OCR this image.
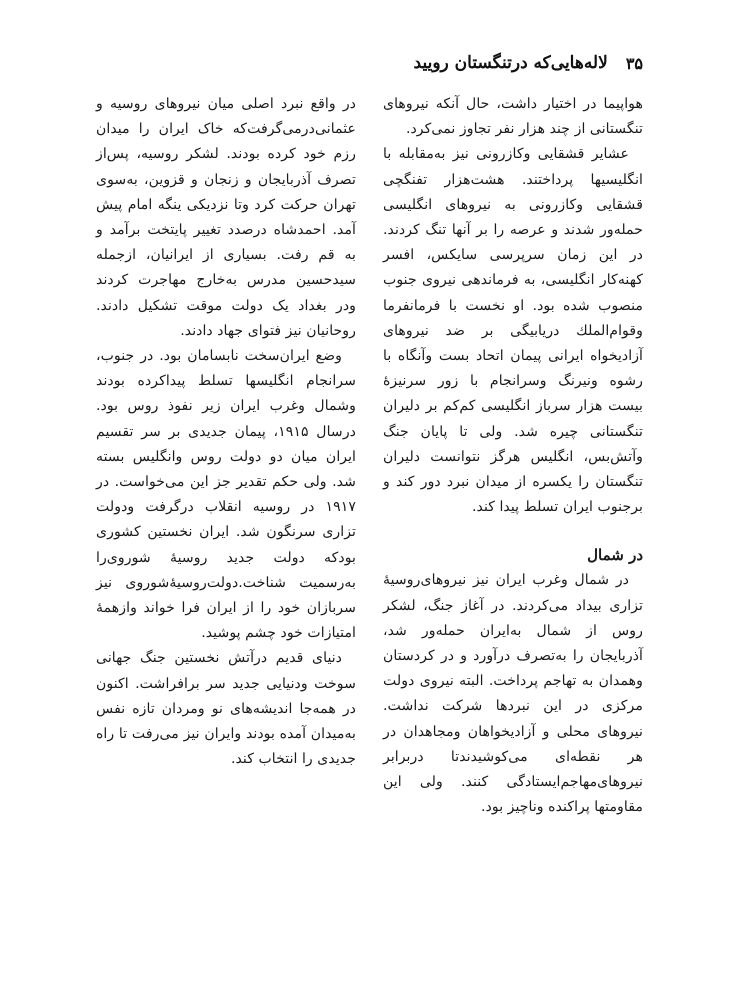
۳۵
لاله‌هایی‌که درتنگستان رویید

هواپیما در اختیار داشت، حال آنکه نیروهای تنگستانی از چند هزار نفر تجاوز نمی‌کرد.

عشایر قشقایی وکازرونی نیز به‌مقابله با انگلیسیها پرداختند. هشت‌هزار تفنگچی قشقایی وکازرونی به نیروهای انگلیسی حمله‌ور شدند و عرصه را بر آنها تنگ کردند. در این زمان سرپرسی سایکس، افسر کهنه‌کار انگلیسی، به فرماندهی نیروی جنوب منصوب شده بود. او نخست با فرمانفرما وقوام‌الملك دریابیگی بر ضد نیروهای آزادیخواه ایرانی پیمان اتحاد بست وآنگاه با رشوه ونیرنگ وسرانجام با زور سرنیزهٔ بیست هزار سرباز انگلیسی کم‌کم بر دلیران تنگستانی چیره شد. ولی تا پایان جنگ وآتش‌بس، انگلیس هرگز نتوانست دلیران تنگستان را یکسره از میدان نبرد دور کند و برجنوب ایران تسلط پیدا کند.

در شمال

در شمال وغرب ایران نیز نیروهای‌روسیهٔ تزاری بیداد می‌کردند. در آغاز جنگ، لشکر روس از شمال به‌ایران حمله‌ور شد، آذربایجان را به‌تصرف درآورد و در کردستان وهمدان به تهاجم پرداخت. البته نیروی دولت مرکزی در این نبردها شرکت نداشت. نیروهای محلی و آزادیخواهان ومجاهدان در هر نقطه‌ای می‌کوشیدندتا دربرابر نیروهای‌مهاجم‌ایستادگی کنند. ولی این مقاومتها پراکنده وناچیز بود.

در واقع نبرد اصلی میان نیروهای روسیه و عثمانی‌درمی‌گرفت‌که خاک ایران را میدان رزم خود کرده بودند. لشکر روسیه، پس‌از تصرف آذربایجان و زنجان و قزوین، به‌سوی تهران حرکت کرد وتا نزدیکی ینگه امام پیش آمد. احمدشاه درصدد تغییر پایتخت برآمد و به قم رفت. بسیاری از ایرانیان، ازجمله سیدحسین مدرس به‌خارج مهاجرت کردند ودر بغداد یک دولت موقت تشکیل دادند. روحانیان نیز فتوای جهاد دادند.

وضع ایران‌سخت نابسامان بود. در جنوب، سرانجام انگلیسها تسلط پیداکرده بودند وشمال وغرب ایران زیر نفوذ روس بود. درسال ۱۹۱۵، پیمان جدیدی بر سر تقسیم ایران میان دو دولت روس وانگلیس بسته شد. ولی حکم تقدیر جز این می‌خواست. در ۱۹۱۷ در روسیه انقلاب درگرفت ودولت تزاری سرنگون شد. ایران نخستین کشوری بودکه دولت جدید روسیهٔ شوروی‌را به‌رسمیت شناخت.دولت‌روسیهٔ‌شوروی نیز سربازان خود را از ایران فرا خواند وازهمهٔ امتیازات خود چشم پوشید.

دنیای قدیم درآتش نخستین جنگ جهانی سوخت ودنیایی جدید سر برافراشت. اکنون در همه‌جا اندیشه‌های نو ومردان تازه نفس به‌میدان آمده بودند وایران نیز می‌رفت تا راه جدیدی را انتخاب کند.
